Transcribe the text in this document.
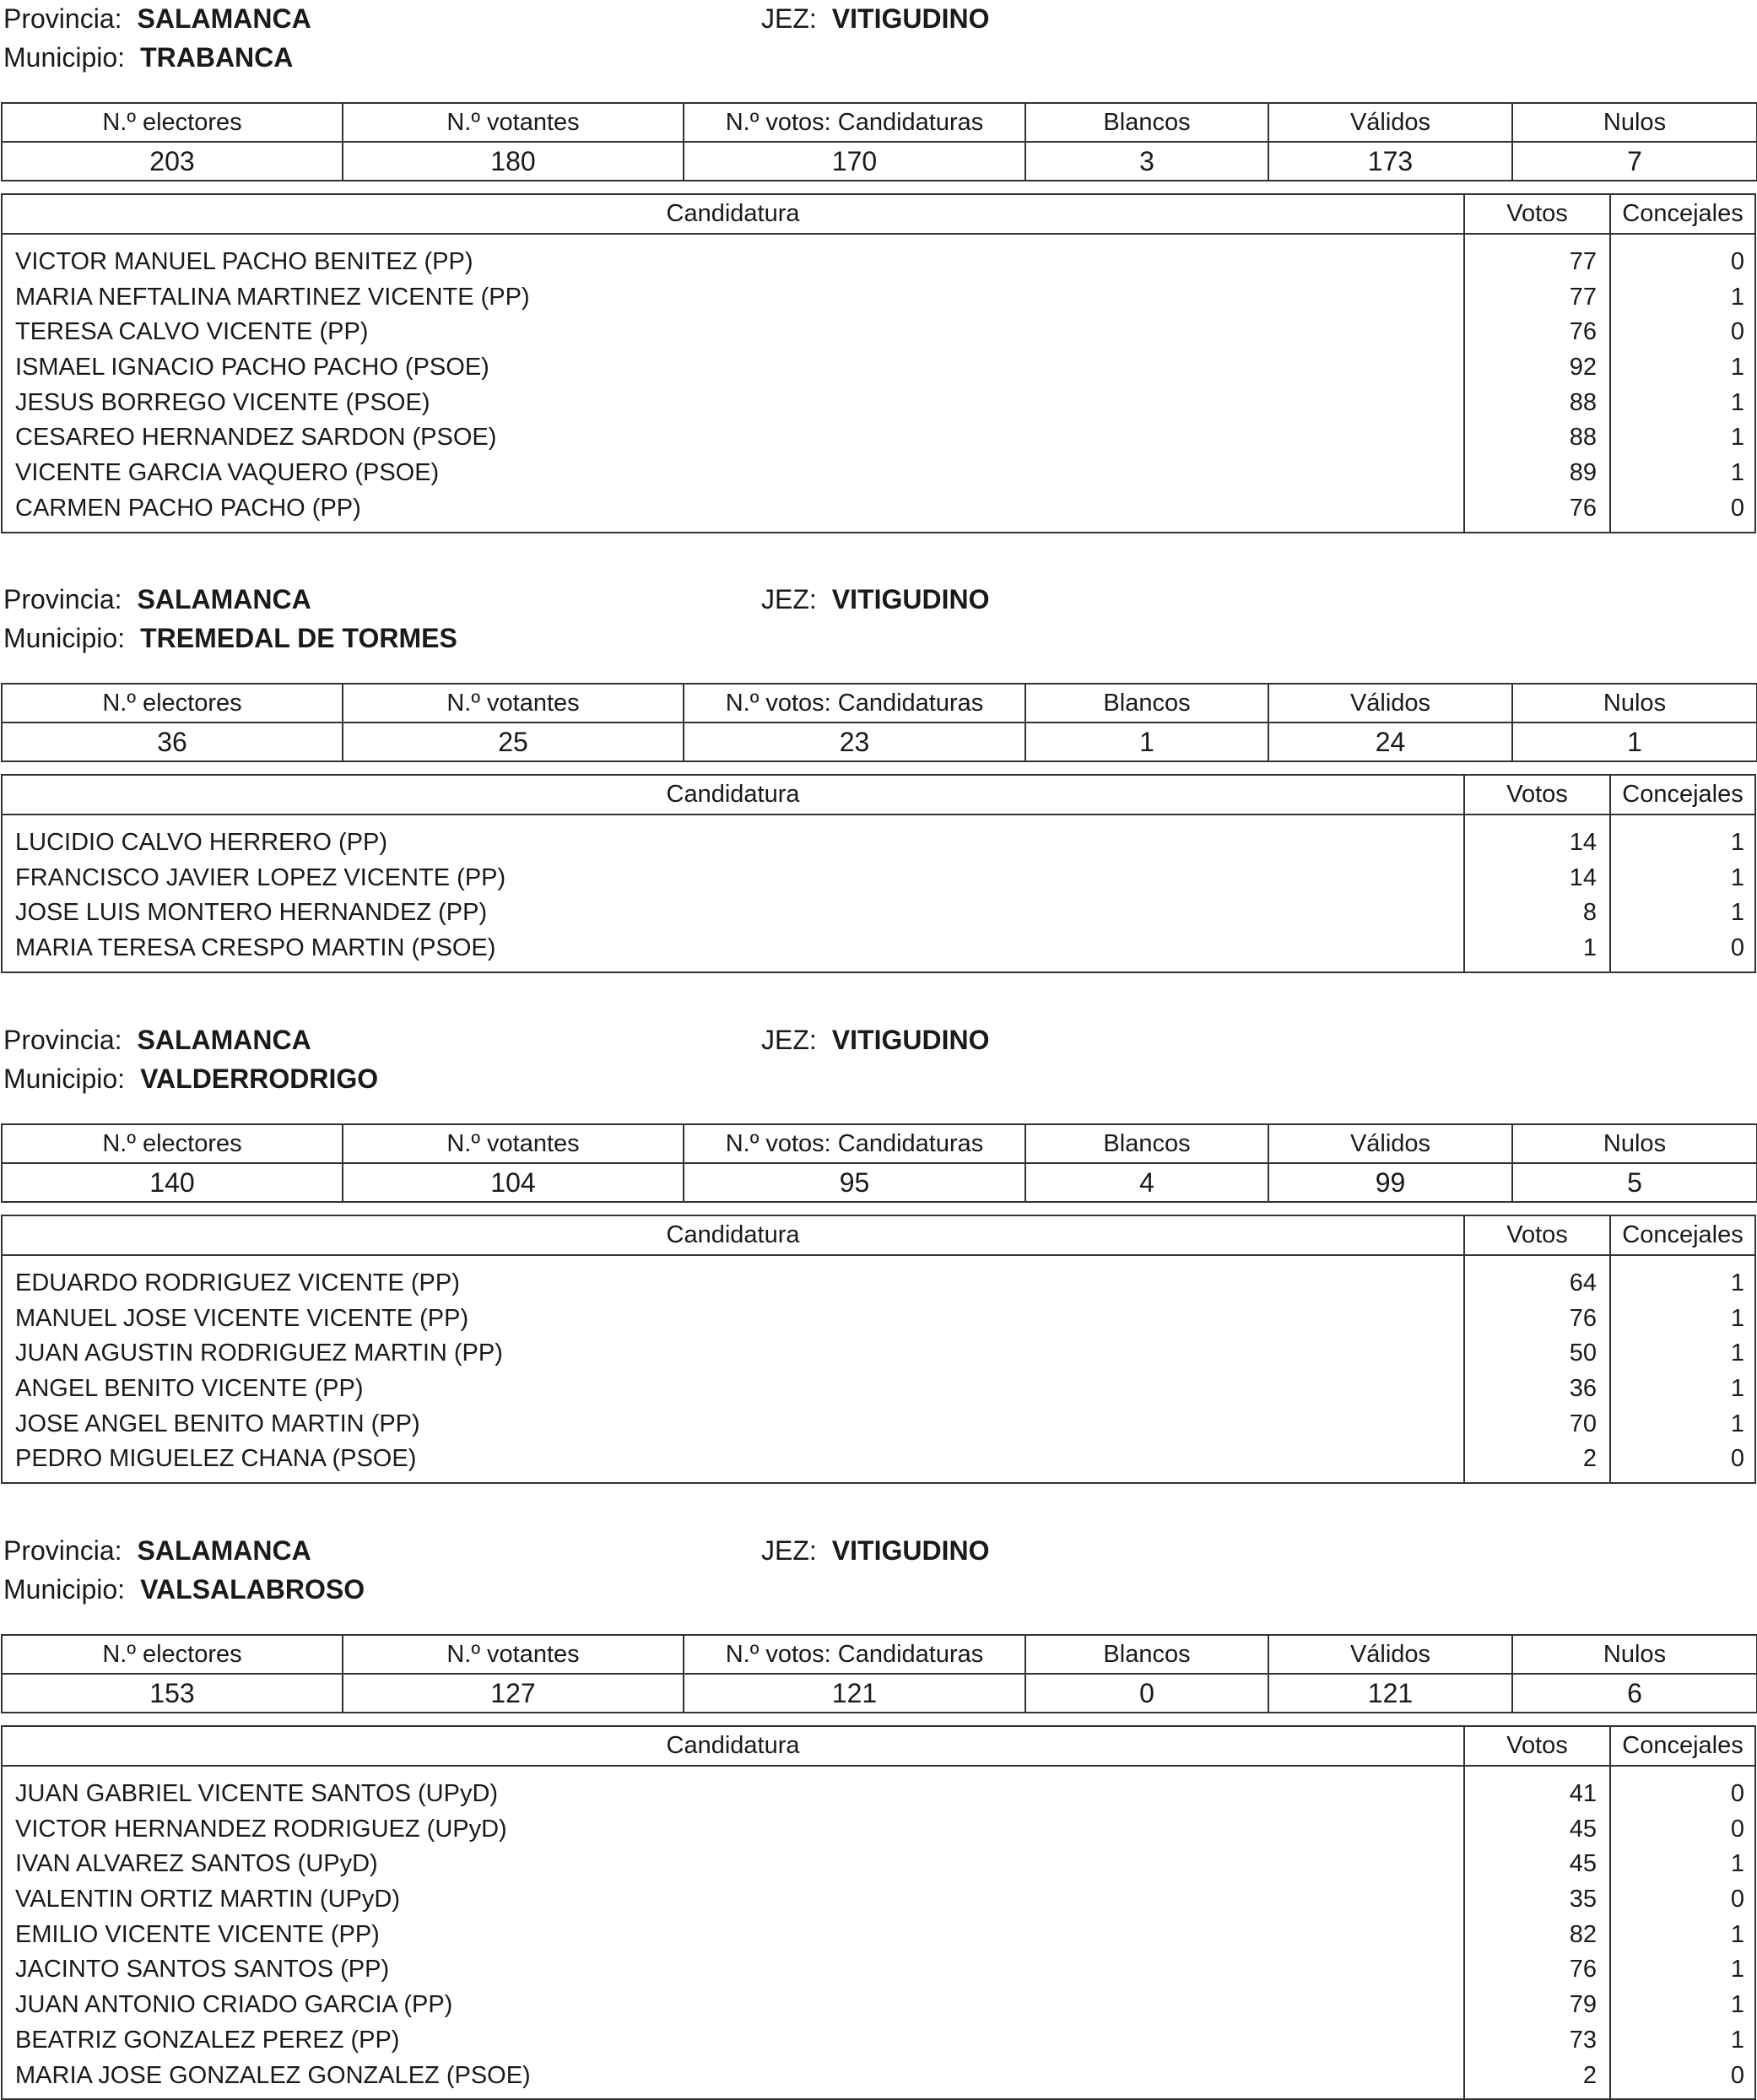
Provincia: SALAMANCA	JEZ: VITIGUDINO
Municipio: TRABANCA
N.º electores	N.º votantes	N.º votos: Candidaturas	Blancos	Válidos	Nulos
203	180	170	3	173	7
Candidatura	Votos	Concejales
VICTOR MANUEL PACHO BENITEZ (PP)	77	0
MARIA NEFTALINA MARTINEZ VICENTE (PP)	77	1
TERESA CALVO VICENTE (PP)	76	0
ISMAEL IGNACIO PACHO PACHO (PSOE)	92	1
JESUS BORREGO VICENTE (PSOE)	88	1
CESAREO HERNANDEZ SARDON (PSOE)	88	1
VICENTE GARCIA VAQUERO (PSOE)	89	1
CARMEN PACHO PACHO (PP)	76	0
Provincia: SALAMANCA	JEZ: VITIGUDINO
Municipio: TREMEDAL DE TORMES
N.º electores	N.º votantes	N.º votos: Candidaturas	Blancos	Válidos	Nulos
36	25	23	1	24	1
Candidatura	Votos	Concejales
LUCIDIO CALVO HERRERO (PP)	14	1
FRANCISCO JAVIER LOPEZ VICENTE (PP)	14	1
JOSE LUIS MONTERO HERNANDEZ (PP)	8	1
MARIA TERESA CRESPO MARTIN (PSOE)	1	0
Provincia: SALAMANCA	JEZ: VITIGUDINO
Municipio: VALDERRODRIGO
N.º electores	N.º votantes	N.º votos: Candidaturas	Blancos	Válidos	Nulos
140	104	95	4	99	5
Candidatura	Votos	Concejales
EDUARDO RODRIGUEZ VICENTE (PP)	64	1
MANUEL JOSE VICENTE VICENTE (PP)	76	1
JUAN AGUSTIN RODRIGUEZ MARTIN (PP)	50	1
ANGEL BENITO VICENTE (PP)	36	1
JOSE ANGEL BENITO MARTIN (PP)	70	1
PEDRO MIGUELEZ CHANA (PSOE)	2	0
Provincia: SALAMANCA	JEZ: VITIGUDINO
Municipio: VALSALABROSO
N.º electores	N.º votantes	N.º votos: Candidaturas	Blancos	Válidos	Nulos
153	127	121	0	121	6
Candidatura	Votos	Concejales
JUAN GABRIEL VICENTE SANTOS (UPyD)	41	0
VICTOR HERNANDEZ RODRIGUEZ (UPyD)	45	0
IVAN ALVAREZ SANTOS (UPyD)	45	1
VALENTIN ORTIZ MARTIN (UPyD)	35	0
EMILIO VICENTE VICENTE (PP)	82	1
JACINTO SANTOS SANTOS (PP)	76	1
JUAN ANTONIO CRIADO GARCIA (PP)	79	1
BEATRIZ GONZALEZ PEREZ (PP)	73	1
MARIA JOSE GONZALEZ GONZALEZ (PSOE)	2	0
